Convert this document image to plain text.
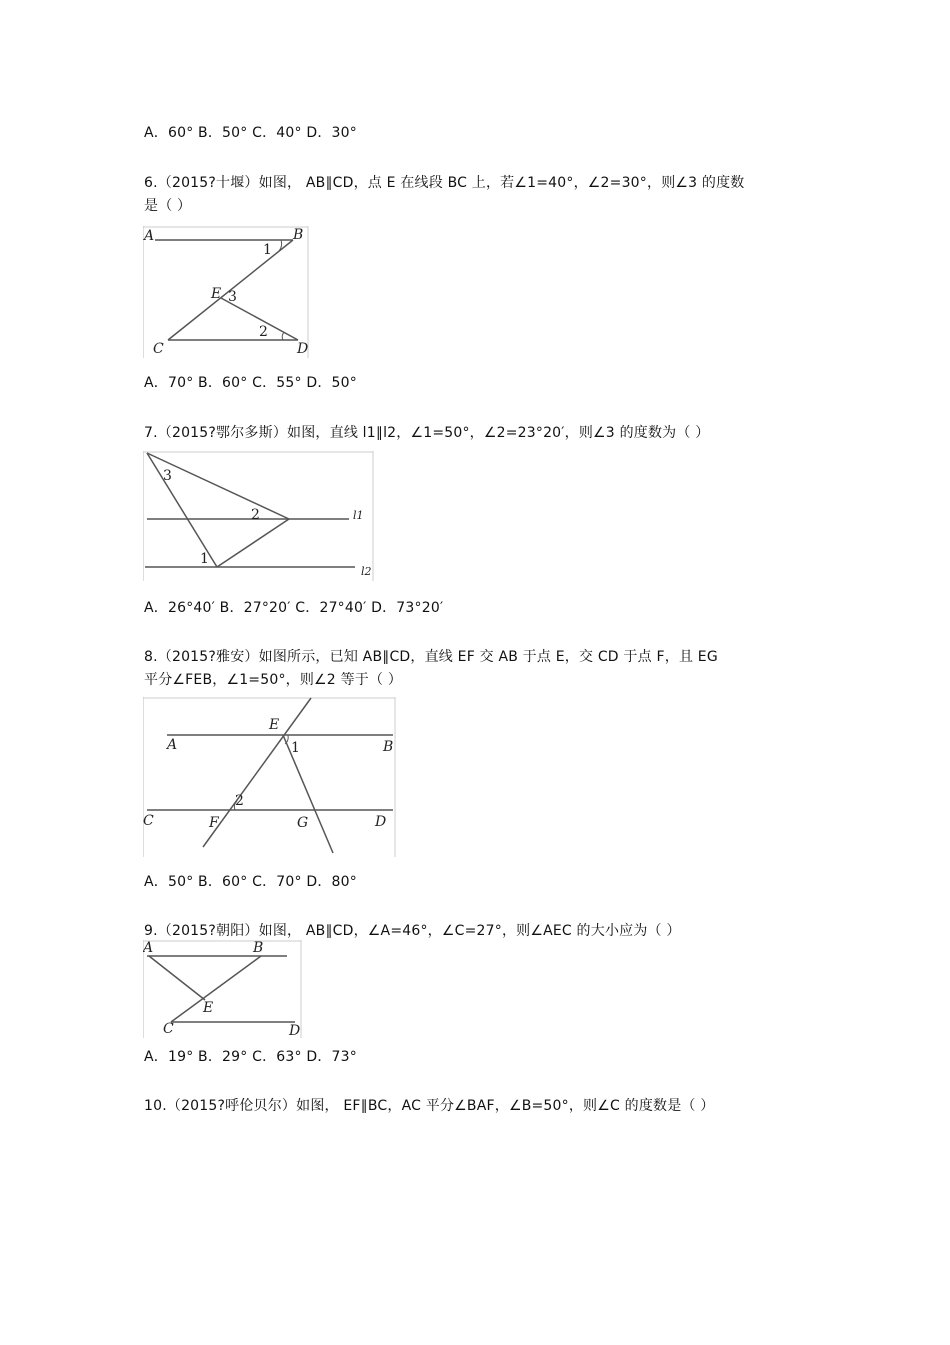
A．60° B．50° C．40° D．30°
6.（2015?十堰）如图， AB∥CD，点 E 在线段 BC 上，若∠1=40°，∠2=30°，则∠3 的度数
是（ ）
A	B
C	D
E
1
2
3
A．70° B．60° C．55° D．50°
7.（2015?鄂尔多斯）如图，直线 l1∥l2，∠1=50°，∠2=23°20′，则∠3 的度数为（ ）
3
2
1
l1
l2
A．26°40′ B．27°20′ C．27°40′ D．73°20′
8.（2015?雅安）如图所示，已知 AB∥CD，直线 EF 交 AB 于点 E，交 CD 于点 F，且 EG
平分∠FEB，∠1=50°，则∠2 等于（ ）
E
A	B
C	F	G	D
1
2
A．50° B．60° C．70° D．80°
9.（2015?朝阳）如图， AB∥CD，∠A=46°，∠C=27°，则∠AEC 的大小应为（ ）
A	B
E
C	D
A．19° B．29° C．63° D．73°
10.（2015?呼伦贝尔）如图， EF∥BC，AC 平分∠BAF，∠B=50°，则∠C 的度数是（ ）
